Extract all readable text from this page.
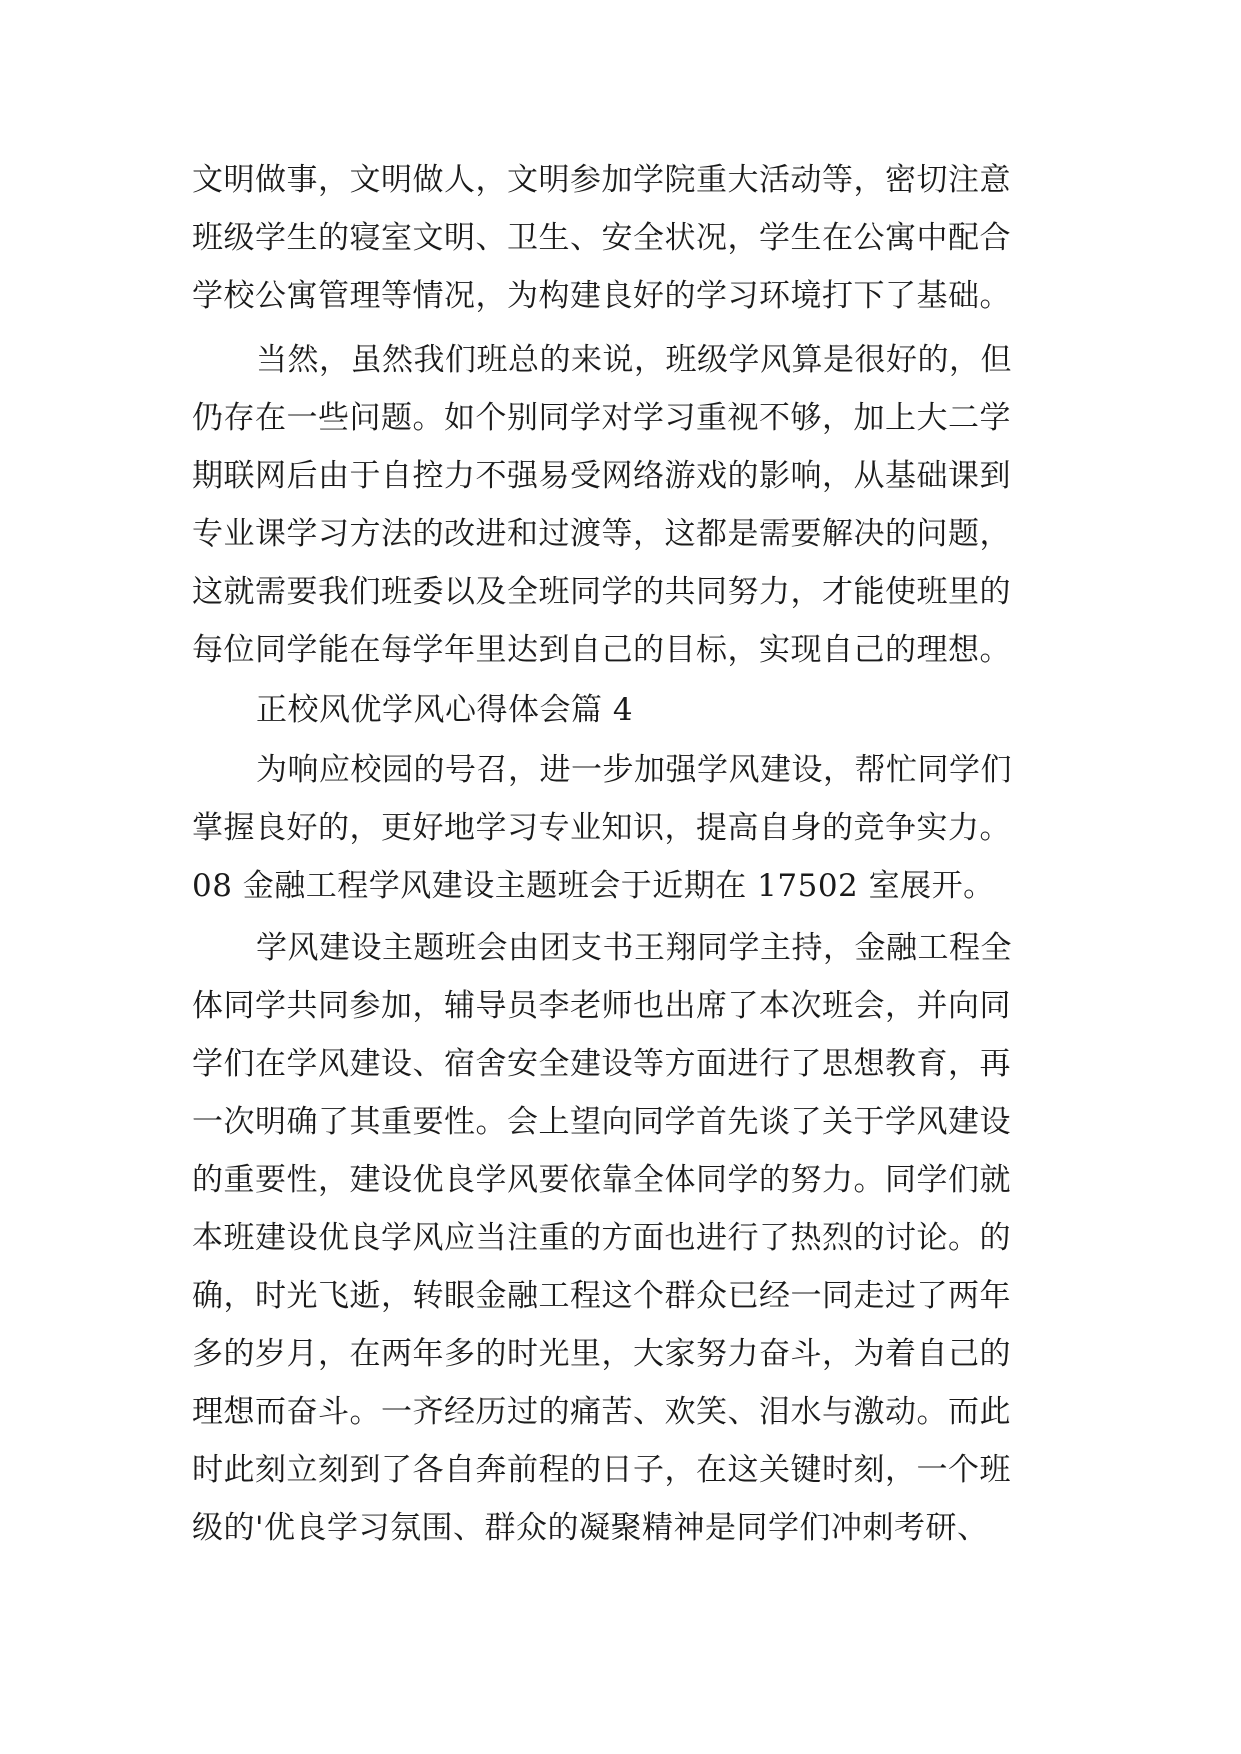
文明做事，文明做人，文明参加学院重大活动等，密切注意
班级学生的寝室文明、卫生、安全状况，学生在公寓中配合
学校公寓管理等情况，为构建良好的学习环境打下了基础。
当然，虽然我们班总的来说，班级学风算是很好的，但
仍存在一些问题。如个别同学对学习重视不够，加上大二学
期联网后由于自控力不强易受网络游戏的影响，从基础课到
专业课学习方法的改进和过渡等，这都是需要解决的问题，
这就需要我们班委以及全班同学的共同努力，才能使班里的
每位同学能在每学年里达到自己的目标，实现自己的理想。
正校风优学风心得体会篇 4
为响应校园的号召，进一步加强学风建设，帮忙同学们
掌握良好的，更好地学习专业知识，提高自身的竞争实力。
08 金融工程学风建设主题班会于近期在 17502 室展开。
学风建设主题班会由团支书王翔同学主持，金融工程全
体同学共同参加，辅导员李老师也出席了本次班会，并向同
学们在学风建设、宿舍安全建设等方面进行了思想教育，再
一次明确了其重要性。会上望向同学首先谈了关于学风建设
的重要性，建设优良学风要依靠全体同学的努力。同学们就
本班建设优良学风应当注重的方面也进行了热烈的讨论。的
确，时光飞逝，转眼金融工程这个群众已经一同走过了两年
多的岁月，在两年多的时光里，大家努力奋斗，为着自己的
理想而奋斗。一齐经历过的痛苦、欢笑、泪水与激动。而此
时此刻立刻到了各自奔前程的日子，在这关键时刻，一个班
级的'优良学习氛围、群众的凝聚精神是同学们冲刺考研、
